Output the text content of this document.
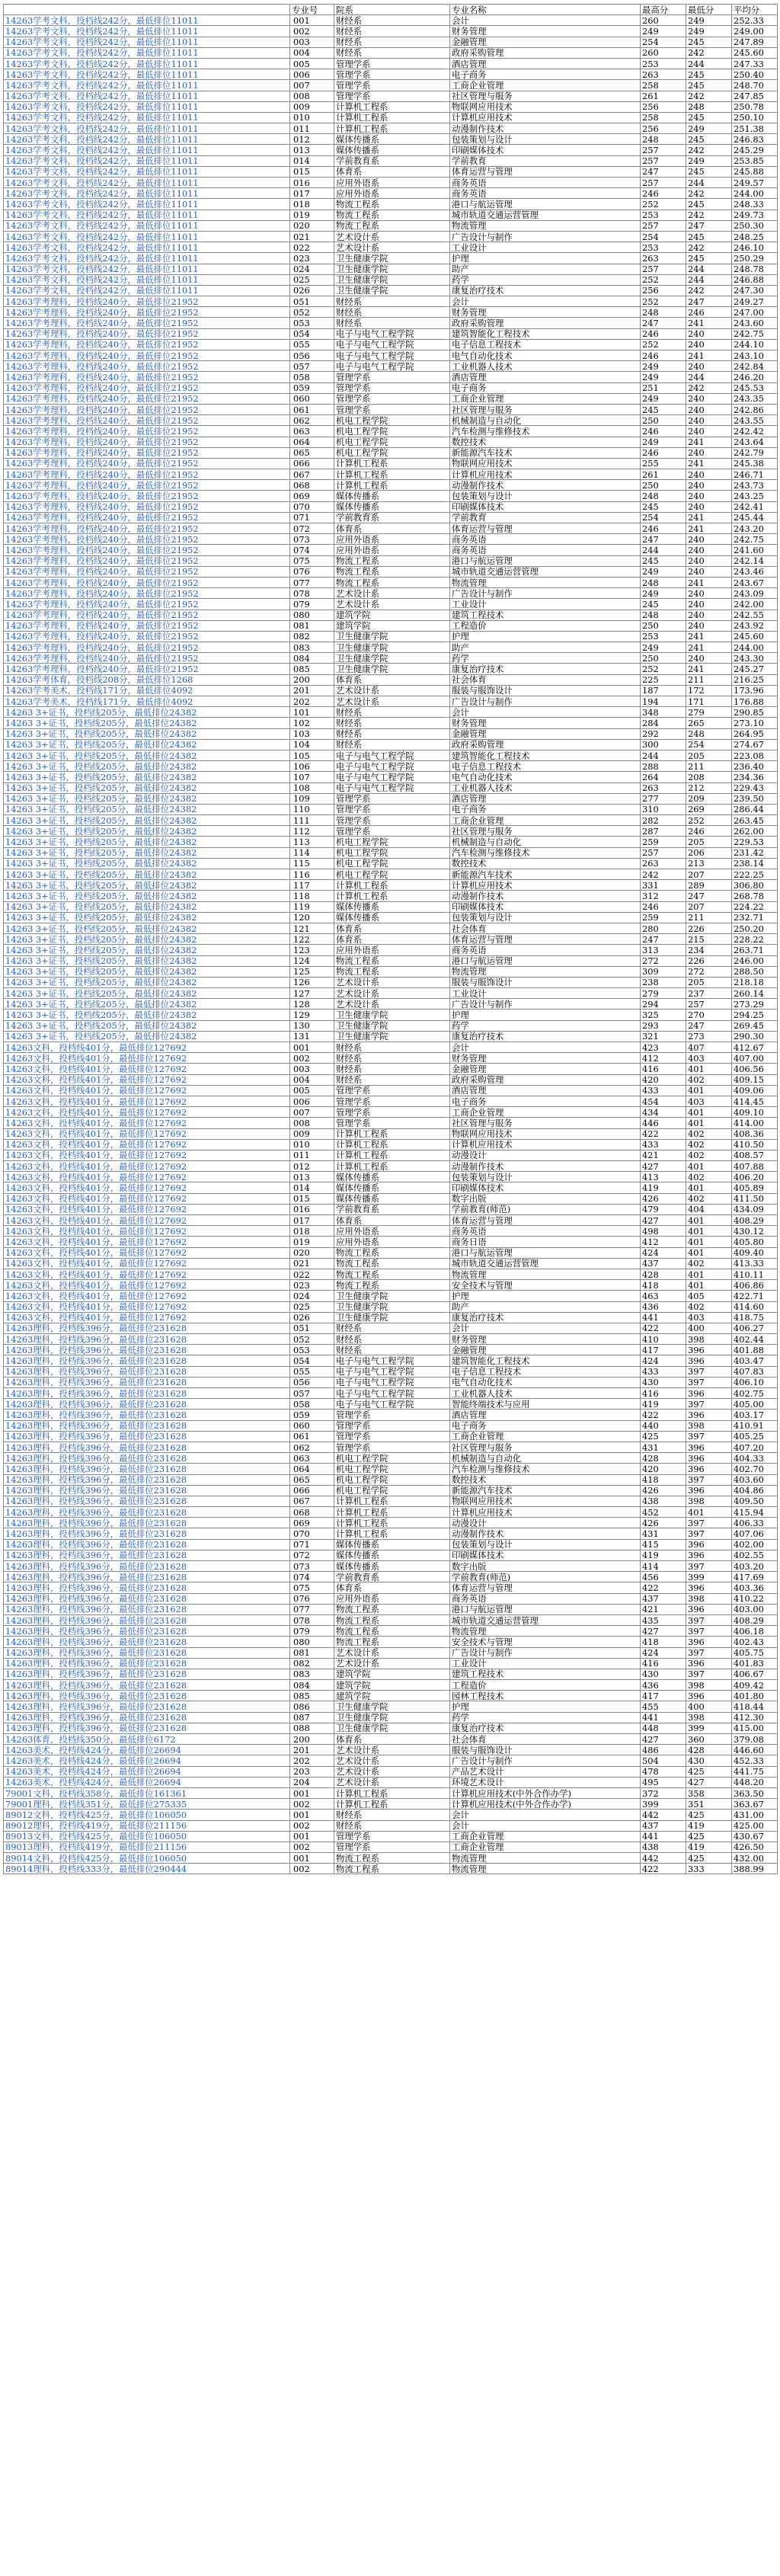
	专业号	院系	专业名称	最高分	最低分	平均分
14263学考文科，投档线242分，最低排位11011	001	财经系	会计	260	249	252.33
14263学考文科，投档线242分，最低排位11011	002	财经系	财务管理	249	249	249.00
14263学考文科，投档线242分，最低排位11011	003	财经系	金融管理	254	245	247.89
14263学考文科，投档线242分，最低排位11011	004	财经系	政府采购管理	260	242	245.60
14263学考文科，投档线242分，最低排位11011	005	管理学系	酒店管理	253	244	247.33
14263学考文科，投档线242分，最低排位11011	006	管理学系	电子商务	263	245	250.40
14263学考文科，投档线242分，最低排位11011	007	管理学系	工商企业管理	258	245	248.70
14263学考文科，投档线242分，最低排位11011	008	管理学系	社区管理与服务	261	242	247.85
14263学考文科，投档线242分，最低排位11011	009	计算机工程系	物联网应用技术	256	248	250.78
14263学考文科，投档线242分，最低排位11011	010	计算机工程系	计算机应用技术	258	245	250.10
14263学考文科，投档线242分，最低排位11011	011	计算机工程系	动漫制作技术	256	249	251.38
14263学考文科，投档线242分，最低排位11011	012	媒体传播系	包装策划与设计	248	245	246.83
14263学考文科，投档线242分，最低排位11011	013	媒体传播系	印刷媒体技术	257	242	245.29
14263学考文科，投档线242分，最低排位11011	014	学前教育系	学前教育	257	249	253.85
14263学考文科，投档线242分，最低排位11011	015	体育系	体育运营与管理	247	245	245.88
14263学考文科，投档线242分，最低排位11011	016	应用外语系	商务英语	257	244	249.57
14263学考文科，投档线242分，最低排位11011	017	应用外语系	商务英语	246	242	244.00
14263学考文科，投档线242分，最低排位11011	018	物流工程系	港口与航运管理	252	245	248.33
14263学考文科，投档线242分，最低排位11011	019	物流工程系	城市轨道交通运营管理	253	242	249.73
14263学考文科，投档线242分，最低排位11011	020	物流工程系	物流管理	257	247	250.30
14263学考文科，投档线242分，最低排位11011	021	艺术设计系	广告设计与制作	254	245	248.25
14263学考文科，投档线242分，最低排位11011	022	艺术设计系	工业设计	253	242	246.10
14263学考文科，投档线242分，最低排位11011	023	卫生健康学院	护理	263	245	250.29
14263学考文科，投档线242分，最低排位11011	024	卫生健康学院	助产	257	244	248.78
14263学考文科，投档线242分，最低排位11011	025	卫生健康学院	药学	252	244	246.88
14263学考文科，投档线242分，最低排位11011	026	卫生健康学院	康复治疗技术	256	242	247.30
14263学考理科，投档线240分，最低排位21952	051	财经系	会计	252	247	249.27
14263学考理科，投档线240分，最低排位21952	052	财经系	财务管理	248	246	247.00
14263学考理科，投档线240分，最低排位21952	053	财经系	政府采购管理	247	241	243.60
14263学考理科，投档线240分，最低排位21952	054	电子与电气工程学院	建筑智能化工程技术	246	240	242.75
14263学考理科，投档线240分，最低排位21952	055	电子与电气工程学院	电子信息工程技术	252	240	244.10
14263学考理科，投档线240分，最低排位21952	056	电子与电气工程学院	电气自动化技术	246	241	243.10
14263学考理科，投档线240分，最低排位21952	057	电子与电气工程学院	工业机器人技术	249	240	242.84
14263学考理科，投档线240分，最低排位21952	058	管理学系	酒店管理	249	244	246.20
14263学考理科，投档线240分，最低排位21952	059	管理学系	电子商务	251	242	245.53
14263学考理科，投档线240分，最低排位21952	060	管理学系	工商企业管理	249	240	243.35
14263学考理科，投档线240分，最低排位21952	061	管理学系	社区管理与服务	245	240	242.86
14263学考理科，投档线240分，最低排位21952	062	机电工程学院	机械制造与自动化	250	240	243.55
14263学考理科，投档线240分，最低排位21952	063	机电工程学院	汽车检测与维修技术	246	240	242.42
14263学考理科，投档线240分，最低排位21952	064	机电工程学院	数控技术	249	241	243.64
14263学考理科，投档线240分，最低排位21952	065	机电工程学院	新能源汽车技术	246	240	242.79
14263学考理科，投档线240分，最低排位21952	066	计算机工程系	物联网应用技术	255	241	245.38
14263学考理科，投档线240分，最低排位21952	067	计算机工程系	计算机应用技术	261	240	246.71
14263学考理科，投档线240分，最低排位21952	068	计算机工程系	动漫制作技术	250	240	243.73
14263学考理科，投档线240分，最低排位21952	069	媒体传播系	包装策划与设计	248	240	243.25
14263学考理科，投档线240分，最低排位21952	070	媒体传播系	印刷媒体技术	245	240	242.41
14263学考理科，投档线240分，最低排位21952	071	学前教育系	学前教育	254	241	245.44
14263学考理科，投档线240分，最低排位21952	072	体育系	体育运营与管理	246	241	243.20
14263学考理科，投档线240分，最低排位21952	073	应用外语系	商务英语	247	240	242.75
14263学考理科，投档线240分，最低排位21952	074	应用外语系	商务英语	244	240	241.60
14263学考理科，投档线240分，最低排位21952	075	物流工程系	港口与航运管理	245	240	242.14
14263学考理科，投档线240分，最低排位21952	076	物流工程系	城市轨道交通运营管理	249	240	243.46
14263学考理科，投档线240分，最低排位21952	077	物流工程系	物流管理	248	241	243.67
14263学考理科，投档线240分，最低排位21952	078	艺术设计系	广告设计与制作	249	240	243.09
14263学考理科，投档线240分，最低排位21952	079	艺术设计系	工业设计	245	240	242.00
14263学考理科，投档线240分，最低排位21952	080	建筑学院	建筑工程技术	248	240	242.55
14263学考理科，投档线240分，最低排位21952	081	建筑学院	工程造价	250	240	243.92
14263学考理科，投档线240分，最低排位21952	082	卫生健康学院	护理	253	241	245.60
14263学考理科，投档线240分，最低排位21952	083	卫生健康学院	助产	249	241	244.00
14263学考理科，投档线240分，最低排位21952	084	卫生健康学院	药学	250	240	243.30
14263学考理科，投档线240分，最低排位21952	085	卫生健康学院	康复治疗技术	252	241	245.27
14263学考体育，投档线208分，最低排位1268	200	体育系	社会体育	225	211	216.25
14263学考美术，投档线171分，最低排位4092	201	艺术设计系	服装与服饰设计	187	172	173.96
14263学考美术，投档线171分，最低排位4092	202	艺术设计系	广告设计与制作	194	171	176.88
14263 3+证书，投档线205分，最低排位24382	101	财经系	会计	348	279	290.85
14263 3+证书，投档线205分，最低排位24382	102	财经系	财务管理	284	265	273.10
14263 3+证书，投档线205分，最低排位24382	103	财经系	金融管理	292	248	264.95
14263 3+证书，投档线205分，最低排位24382	104	财经系	政府采购管理	300	254	274.67
14263 3+证书，投档线205分，最低排位24382	105	电子与电气工程学院	建筑智能化工程技术	244	205	223.08
14263 3+证书，投档线205分，最低排位24382	106	电子与电气工程学院	电子信息工程技术	288	211	236.40
14263 3+证书，投档线205分，最低排位24382	107	电子与电气工程学院	电气自动化技术	264	208	234.36
14263 3+证书，投档线205分，最低排位24382	108	电子与电气工程学院	工业机器人技术	263	212	229.43
14263 3+证书，投档线205分，最低排位24382	109	管理学系	酒店管理	277	209	239.50
14263 3+证书，投档线205分，最低排位24382	110	管理学系	电子商务	310	269	286.44
14263 3+证书，投档线205分，最低排位24382	111	管理学系	工商企业管理	282	252	263.45
14263 3+证书，投档线205分，最低排位24382	112	管理学系	社区管理与服务	287	246	262.00
14263 3+证书，投档线205分，最低排位24382	113	机电工程学院	机械制造与自动化	259	205	229.53
14263 3+证书，投档线205分，最低排位24382	114	机电工程学院	汽车检测与维修技术	257	206	231.42
14263 3+证书，投档线205分，最低排位24382	115	机电工程学院	数控技术	263	213	238.14
14263 3+证书，投档线205分，最低排位24382	116	机电工程学院	新能源汽车技术	242	207	222.25
14263 3+证书，投档线205分，最低排位24382	117	计算机工程系	计算机应用技术	331	289	306.80
14263 3+证书，投档线205分，最低排位24382	118	计算机工程系	动漫制作技术	312	247	268.78
14263 3+证书，投档线205分，最低排位24382	119	媒体传播系	印刷媒体技术	246	207	224.22
14263 3+证书，投档线205分，最低排位24382	120	媒体传播系	包装策划与设计	259	211	232.71
14263 3+证书，投档线205分，最低排位24382	121	体育系	社会体育	280	226	250.20
14263 3+证书，投档线205分，最低排位24382	122	体育系	体育运营与管理	247	215	228.22
14263 3+证书，投档线205分，最低排位24382	123	应用外语系	商务英语	313	234	263.71
14263 3+证书，投档线205分，最低排位24382	124	物流工程系	港口与航运管理	272	226	246.00
14263 3+证书，投档线205分，最低排位24382	125	物流工程系	物流管理	309	272	288.50
14263 3+证书，投档线205分，最低排位24382	126	艺术设计系	服装与服饰设计	238	205	218.18
14263 3+证书，投档线205分，最低排位24382	127	艺术设计系	工业设计	279	237	260.14
14263 3+证书，投档线205分，最低排位24382	128	艺术设计系	广告设计与制作	294	257	273.29
14263 3+证书，投档线205分，最低排位24382	129	卫生健康学院	护理	325	270	294.25
14263 3+证书，投档线205分，最低排位24382	130	卫生健康学院	药学	293	247	269.45
14263 3+证书，投档线205分，最低排位24382	131	卫生健康学院	康复治疗技术	321	273	290.30
14263文科，投档线401分，最低排位127692	001	财经系	会计	423	407	412.67
14263文科，投档线401分，最低排位127692	002	财经系	财务管理	412	403	407.00
14263文科，投档线401分，最低排位127692	003	财经系	金融管理	416	401	406.56
14263文科，投档线401分，最低排位127692	004	财经系	政府采购管理	420	402	409.15
14263文科，投档线401分，最低排位127692	005	管理学系	酒店管理	433	401	409.06
14263文科，投档线401分，最低排位127692	006	管理学系	电子商务	454	403	414.45
14263文科，投档线401分，最低排位127692	007	管理学系	工商企业管理	434	401	409.10
14263文科，投档线401分，最低排位127692	008	管理学系	社区管理与服务	446	401	414.00
14263文科，投档线401分，最低排位127692	009	计算机工程系	物联网应用技术	422	402	408.36
14263文科，投档线401分，最低排位127692	010	计算机工程系	计算机应用技术	433	402	410.50
14263文科，投档线401分，最低排位127692	011	计算机工程系	动漫设计	421	402	408.57
14263文科，投档线401分，最低排位127692	012	计算机工程系	动漫制作技术	427	401	407.88
14263文科，投档线401分，最低排位127692	013	媒体传播系	包装策划与设计	413	402	406.20
14263文科，投档线401分，最低排位127692	014	媒体传播系	印刷媒体技术	419	401	405.89
14263文科，投档线401分，最低排位127692	015	媒体传播系	数字出版	426	402	411.50
14263文科，投档线401分，最低排位127692	016	学前教育系	学前教育(师范)	479	404	434.09
14263文科，投档线401分，最低排位127692	017	体育系	体育运营与管理	427	401	408.29
14263文科，投档线401分，最低排位127692	018	应用外语系	商务英语	498	401	430.12
14263文科，投档线401分，最低排位127692	019	应用外语系	商务日语	412	401	405.80
14263文科，投档线401分，最低排位127692	020	物流工程系	港口与航运管理	424	401	409.40
14263文科，投档线401分，最低排位127692	021	物流工程系	城市轨道交通运营管理	437	402	413.33
14263文科，投档线401分，最低排位127692	022	物流工程系	物流管理	428	401	410.11
14263文科，投档线401分，最低排位127692	023	物流工程系	安全技术与管理	418	401	406.86
14263文科，投档线401分，最低排位127692	024	卫生健康学院	护理	463	405	422.71
14263文科，投档线401分，最低排位127692	025	卫生健康学院	助产	436	402	414.60
14263文科，投档线401分，最低排位127692	026	卫生健康学院	康复治疗技术	441	403	418.75
14263理科，投档线396分，最低排位231628	051	财经系	会计	422	400	406.27
14263理科，投档线396分，最低排位231628	052	财经系	财务管理	410	398	402.44
14263理科，投档线396分，最低排位231628	053	财经系	金融管理	417	396	401.88
14263理科，投档线396分，最低排位231628	054	电子与电气工程学院	建筑智能化工程技术	424	396	403.47
14263理科，投档线396分，最低排位231628	055	电子与电气工程学院	电子信息工程技术	433	397	407.83
14263理科，投档线396分，最低排位231628	056	电子与电气工程学院	电气自动化技术	430	397	406.10
14263理科，投档线396分，最低排位231628	057	电子与电气工程学院	工业机器人技术	416	396	402.75
14263理科，投档线396分，最低排位231628	058	电子与电气工程学院	智能终端技术与应用	419	397	405.00
14263理科，投档线396分，最低排位231628	059	管理学系	酒店管理	422	396	403.17
14263理科，投档线396分，最低排位231628	060	管理学系	电子商务	440	398	410.91
14263理科，投档线396分，最低排位231628	061	管理学系	工商企业管理	425	397	405.25
14263理科，投档线396分，最低排位231628	062	管理学系	社区管理与服务	431	396	407.20
14263理科，投档线396分，最低排位231628	063	机电工程学院	机械制造与自动化	428	396	404.33
14263理科，投档线396分，最低排位231628	064	机电工程学院	汽车检测与维修技术	420	396	402.70
14263理科，投档线396分，最低排位231628	065	机电工程学院	数控技术	418	397	403.60
14263理科，投档线396分，最低排位231628	066	机电工程学院	新能源汽车技术	426	396	404.86
14263理科，投档线396分，最低排位231628	067	计算机工程系	物联网应用技术	438	398	409.50
14263理科，投档线396分，最低排位231628	068	计算机工程系	计算机应用技术	452	401	415.94
14263理科，投档线396分，最低排位231628	069	计算机工程系	动漫设计	426	397	406.33
14263理科，投档线396分，最低排位231628	070	计算机工程系	动漫制作技术	431	397	407.06
14263理科，投档线396分，最低排位231628	071	媒体传播系	包装策划与设计	415	396	402.00
14263理科，投档线396分，最低排位231628	072	媒体传播系	印刷媒体技术	419	396	402.55
14263理科，投档线396分，最低排位231628	073	媒体传播系	数字出版	414	397	403.20
14263理科，投档线396分，最低排位231628	074	学前教育系	学前教育(师范)	456	399	417.69
14263理科，投档线396分，最低排位231628	075	体育系	体育运营与管理	422	396	403.36
14263理科，投档线396分，最低排位231628	076	应用外语系	商务英语	437	398	410.22
14263理科，投档线396分，最低排位231628	077	物流工程系	港口与航运管理	421	396	403.00
14263理科，投档线396分，最低排位231628	078	物流工程系	城市轨道交通运营管理	435	397	408.29
14263理科，投档线396分，最低排位231628	079	物流工程系	物流管理	427	397	406.18
14263理科，投档线396分，最低排位231628	080	物流工程系	安全技术与管理	418	396	402.43
14263理科，投档线396分，最低排位231628	081	艺术设计系	广告设计与制作	424	397	405.75
14263理科，投档线396分，最低排位231628	082	艺术设计系	工业设计	416	396	401.83
14263理科，投档线396分，最低排位231628	083	建筑学院	建筑工程技术	430	397	406.67
14263理科，投档线396分，最低排位231628	084	建筑学院	工程造价	436	398	409.42
14263理科，投档线396分，最低排位231628	085	建筑学院	园林工程技术	417	396	401.80
14263理科，投档线396分，最低排位231628	086	卫生健康学院	护理	455	400	418.44
14263理科，投档线396分，最低排位231628	087	卫生健康学院	药学	441	398	412.30
14263理科，投档线396分，最低排位231628	088	卫生健康学院	康复治疗技术	448	399	415.00
14263体育，投档线350分，最低排位6172	200	体育系	社会体育	427	360	379.08
14263美术，投档线424分，最低排位26694	201	艺术设计系	服装与服饰设计	486	428	446.60
14263美术，投档线424分，最低排位26694	202	艺术设计系	广告设计与制作	504	430	452.33
14263美术，投档线424分，最低排位26694	203	艺术设计系	产品艺术设计	478	425	441.75
14263美术，投档线424分，最低排位26694	204	艺术设计系	环境艺术设计	495	427	448.20
79001文科，投档线358分，最低排位161361	001	计算机工程系	计算机应用技术(中外合作办学)	372	358	363.50
79001理科，投档线351分，最低排位275335	002	计算机工程系	计算机应用技术(中外合作办学)	399	351	363.67
89012文科，投档线425分，最低排位106050	001	财经系	会计	442	425	431.00
89012理科，投档线419分，最低排位211156	002	财经系	会计	437	419	425.00
89013文科，投档线425分，最低排位106050	001	管理学系	工商企业管理	441	425	430.67
89013理科，投档线419分，最低排位211156	002	管理学系	工商企业管理	438	419	426.50
89014文科，投档线425分，最低排位106050	001	物流工程系	物流管理	442	425	432.00
89014理科，投档线333分，最低排位290444	002	物流工程系	物流管理	422	333	388.99
